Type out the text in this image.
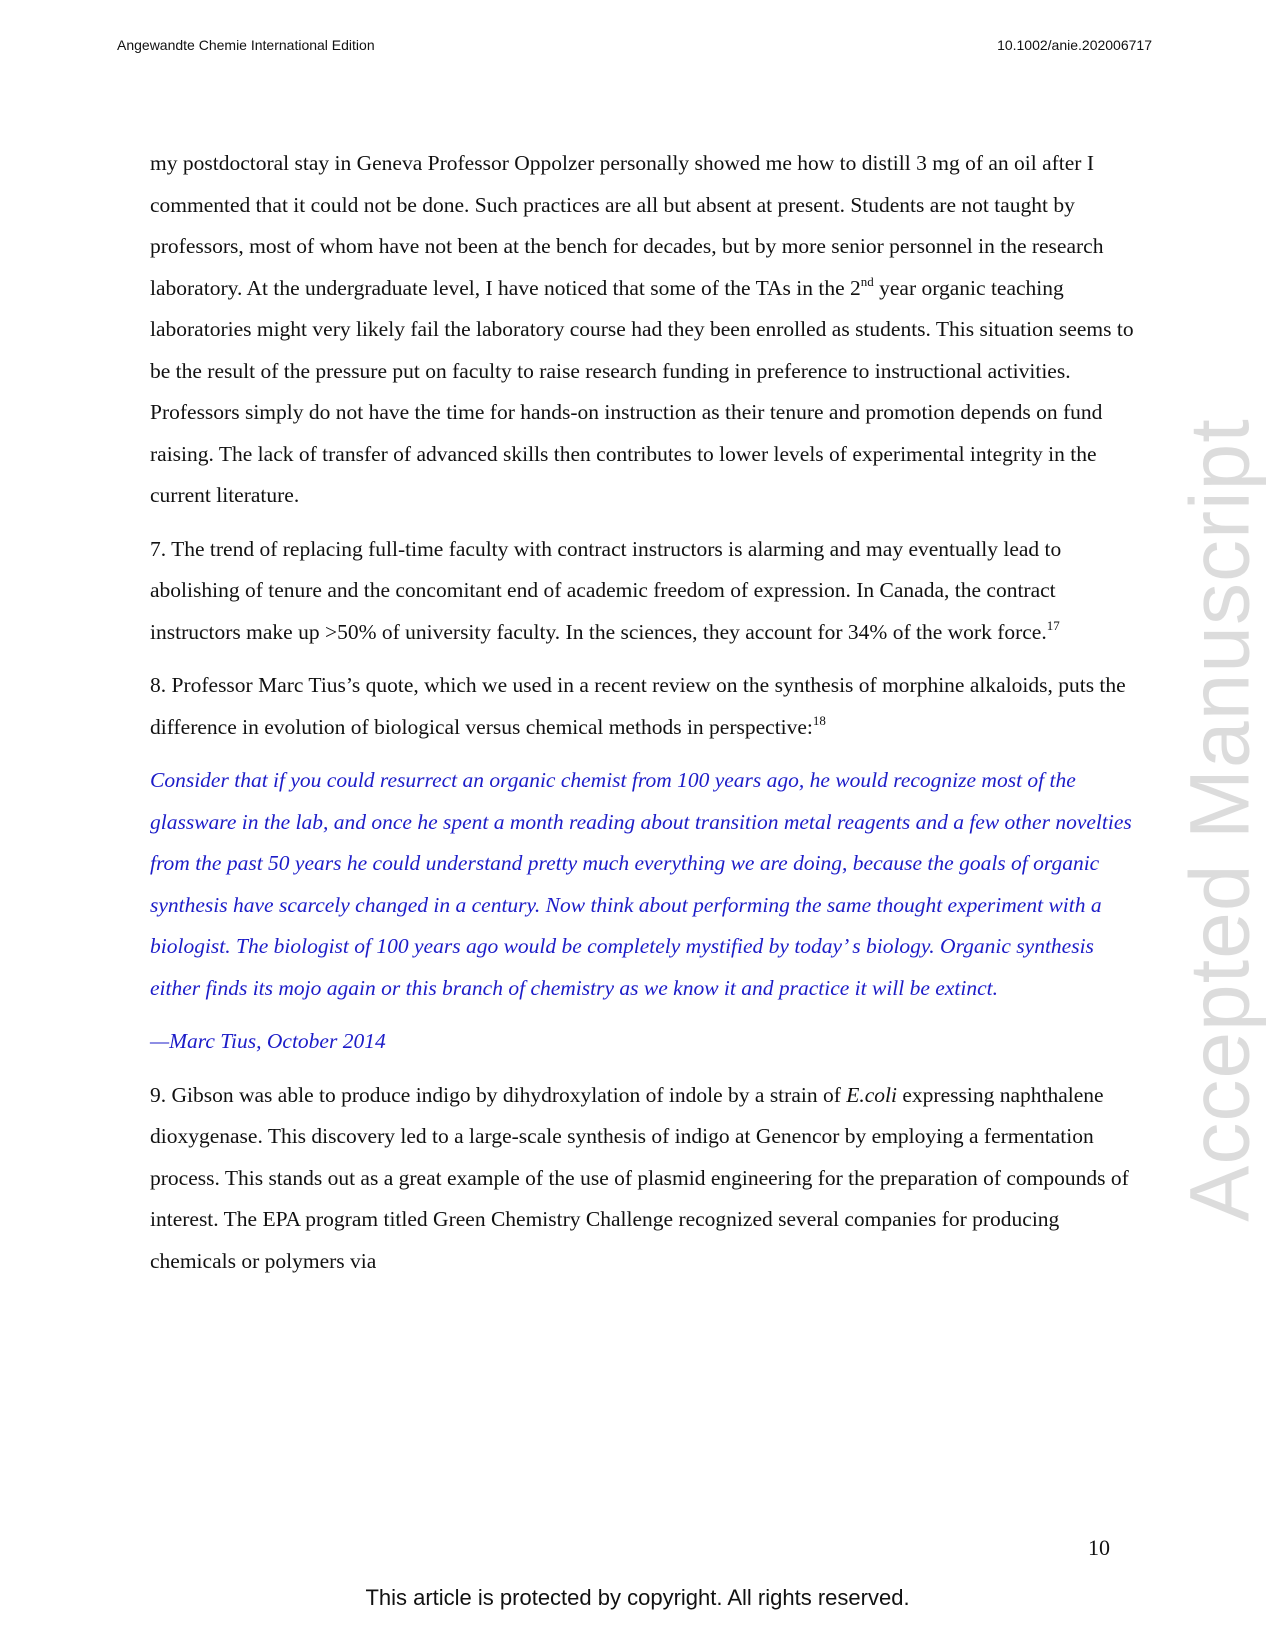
Angewandte Chemie International Edition	10.1002/anie.202006717
Accepted Manuscript

my postdoctoral stay in Geneva Professor Oppolzer personally showed me how to distill 3 mg of an oil after I commented that it could not be done. Such practices are all but absent at present. Students are not taught by professors, most of whom have not been at the bench for decades, but by more senior personnel in the research laboratory. At the undergraduate level, I have noticed that some of the TAs in the 2nd year organic teaching laboratories might very likely fail the laboratory course had they been enrolled as students. This situation seems to be the result of the pressure put on faculty to raise research funding in preference to instructional activities. Professors simply do not have the time for hands-on instruction as their tenure and promotion depends on fund raising. The lack of transfer of advanced skills then contributes to lower levels of experimental integrity in the current literature.

7. The trend of replacing full-time faculty with contract instructors is alarming and may eventually lead to abolishing of tenure and the concomitant end of academic freedom of expression. In Canada, the contract instructors make up >50% of university faculty. In the sciences, they account for 34% of the work force.$^{17}$

8. Professor Marc Tius’s quote, which we used in a recent review on the synthesis of morphine alkaloids, puts the difference in evolution of biological versus chemical methods in perspective:$^{18}$

Consider that if you could resurrect an organic chemist from 100 years ago, he would recognize most of the glassware in the lab, and once he spent a month reading about transition metal reagents and a few other novelties from the past 50 years he could understand pretty much everything we are doing, because the goals of organic synthesis have scarcely changed in a century. Now think about performing the same thought experiment with a biologist. The biologist of 100 years ago would be completely mystified by today’ s biology. Organic synthesis either finds its mojo again or this branch of chemistry as we know it and practice it will be extinct.

—Marc Tius, October 2014

9. Gibson was able to produce indigo by dihydroxylation of indole by a strain of E.coli expressing naphthalene dioxygenase. This discovery led to a large-scale synthesis of indigo at Genencor by employing a fermentation process. This stands out as a great example of the use of plasmid engineering for the preparation of compounds of interest. The EPA program titled Green Chemistry Challenge recognized several companies for producing chemicals or polymers via

10
This article is protected by copyright. All rights reserved.
